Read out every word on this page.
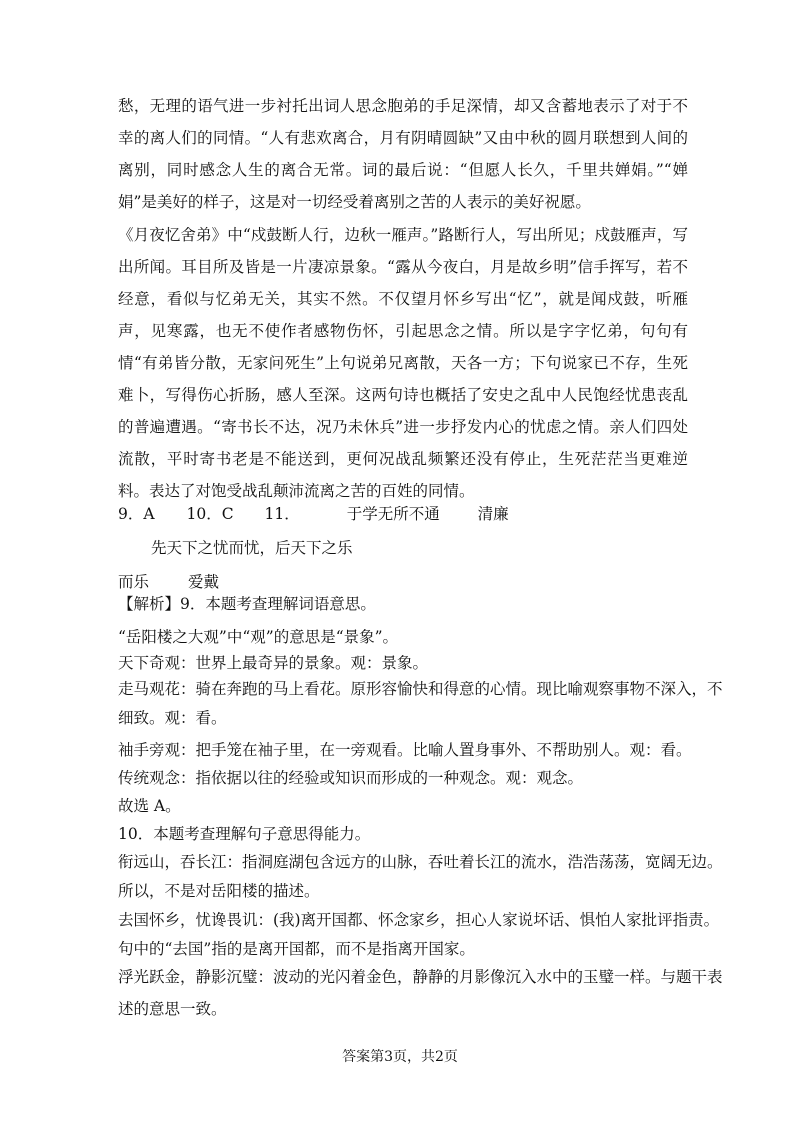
愁，无理的语气进一步衬托出词人思念胞弟的手足深情，却又含蓄地表示了对于不幸的离人们的同情。“人有悲欢离合，月有阴晴圆缺”又由中秋的圆月联想到人间的离别，同时感念人生的离合无常。词的最后说：“但愿人长久，千里共婵娟。”“婵娟”是美好的样子，这是对一切经受着离别之苦的人表示的美好祝愿。

《月夜忆舍弟》中“戍鼓断人行，边秋一雁声。”路断行人，写出所见；戍鼓雁声，写出所闻。耳目所及皆是一片凄凉景象。“露从今夜白，月是故乡明”信手挥写，若不经意，看似与忆弟无关，其实不然。不仅望月怀乡写出“忆”，就是闻戍鼓，听雁声，见寒露，也无不使作者感物伤怀，引起思念之情。所以是字字忆弟，句句有情“有弟皆分散，无家问死生”上句说弟兄离散，天各一方；下句说家已不存，生死难卜，写得伤心折肠，感人至深。这两句诗也概括了安史之乱中人民饱经忧患丧乱的普遍遭遇。“寄书长不达，况乃未休兵”进一步抒发内心的忧虑之情。亲人们四处流散，平时寄书老是不能送到，更何况战乱频繁还没有停止，生死茫茫当更难逆料。表达了对饱受战乱颠沛流离之苦的百姓的同情。

9．A 10．C 11．	于学无所不通 清廉 先天下之忧而忧，后天下之乐
而乐	爱戴

【解析】9．本题考查理解词语意思。

“岳阳楼之大观”中“观”的意思是“景象”。

天下奇观：世界上最奇异的景象。观：景象。

走马观花：骑在奔跑的马上看花。原形容愉快和得意的心情。现比喻观察事物不深入，不

细致。观：看。

袖手旁观：把手笼在袖子里，在一旁观看。比喻人置身事外、不帮助别人。观：看。

传统观念：指依据以往的经验或知识而形成的一种观念。观：观念。

故选 A。

10．本题考查理解句子意思得能力。

衔远山，吞长江：指洞庭湖包含远方的山脉，吞吐着长江的流水，浩浩荡荡，宽阔无边。

所以，不是对岳阳楼的描述。

去国怀乡，忧谗畏讥：(我)离开国都、怀念家乡，担心人家说坏话、惧怕人家批评指责。

句中的“去国”指的是离开国都，而不是指离开国家。

浮光跃金，静影沉璧：波动的光闪着金色，静静的月影像沉入水中的玉璧一样。与题干表

述的意思一致。

答案第3页，共2页
